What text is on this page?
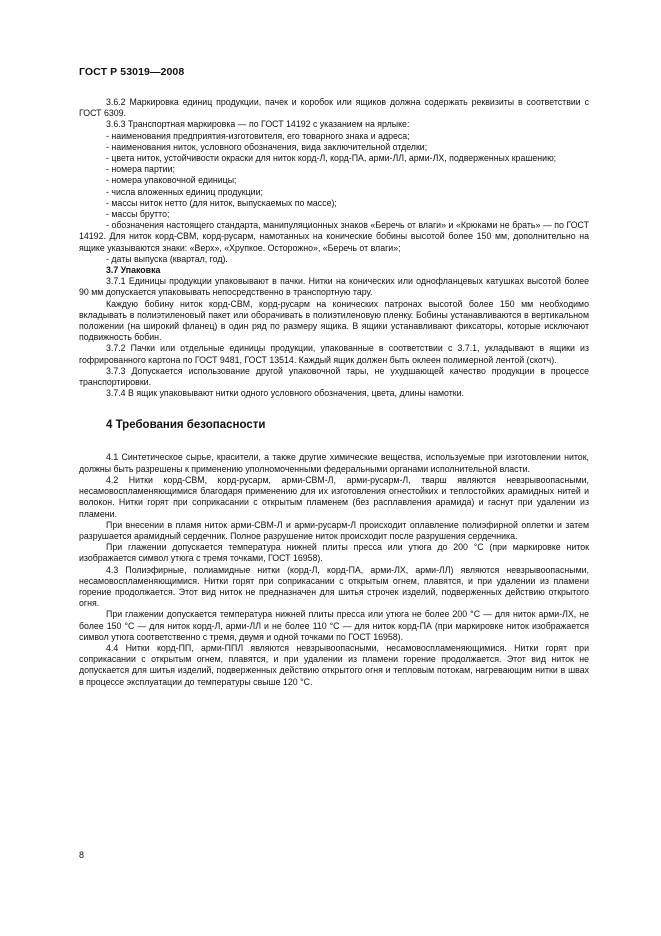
ГОСТ Р 53019—2008

3.6.2 Маркировка единиц продукции, пачек и коробок или ящиков должна содержать реквизиты в соответствии с ГОСТ 6309.

3.6.3 Транспортная маркировка — по ГОСТ 14192 с указанием на ярлыке:

- наименования предприятия-изготовителя, его товарного знака и адреса;

- наименования ниток, условного обозначения, вида заключительной отделки;

- цвета ниток, устойчивости окраски для ниток корд-Л, корд-ПА, арми-ЛЛ, арми-ЛХ, подверженных крашению;

- номера партии;

- номера упаковочной единицы;

- числа вложенных единиц продукции;

- массы ниток нетто (для ниток, выпускаемых по массе);

- массы брутто;

- обозначения настоящего стандарта, манипуляционных знаков «Беречь от влаги» и «Крюками не брать» — по ГОСТ 14192. Для ниток корд-СВМ, корд-русарм, намотанных на конические бобины высотой более 150 мм, дополнительно на ящике указываются знаки: «Верх», «Хрупкое. Осторожно», «Беречь от влаги»;

- даты выпуска (квартал, год).

3.7 Упаковка

3.7.1 Единицы продукции упаковывают в пачки. Нитки на конических или однофланцевых катушках высотой более 90 мм допускается упаковывать непосредственно в транспортную тару.

Каждую бобину ниток корд-СВМ, корд-русарм на конических патронах высотой более 150 мм необходимо вкладывать в полиэтиленовый пакет или оборачивать в полиэтиленовую пленку. Бобины устанавливаются в вертикальном положении (на широкий фланец) в один ряд по размеру ящика. В ящики устанавливают фиксаторы, которые исключают подвижность бобин.

3.7.2 Пачки или отдельные единицы продукции, упакованные в соответствии с 3.7.1, укладывают в ящики из гофрированного картона по ГОСТ 9481, ГОСТ 13514. Каждый ящик должен быть оклеен полимерной лентой (скотч).

3.7.3 Допускается использование другой упаковочной тары, не ухудшающей качество продукции в процессе транспортировки.

3.7.4 В ящик упаковывают нитки одного условного обозначения, цвета, длины намотки.

4 Требования безопасности

4.1 Синтетическое сырье, красители, а также другие химические вещества, используемые при изготовлении ниток, должны быть разрешены к применению уполномоченными федеральными органами исполнительной власти.

4.2 Нитки корд-СВМ, корд-русарм, арми-СВМ-Л, арми-русарм-Л, тварш являются невзрывоопасными, несамовоспламеняющимися благодаря применению для их изготовления огнестойких и теплостойких арамидных нитей и волокон. Нитки горят при соприкасании с открытым пламенем (без расплавления арамида) и гаснут при удалении из пламени.

При внесении в пламя ниток арми-СВМ-Л и арми-русарм-Л происходит оплавление полиэфирной оплетки и затем разрушается арамидный сердечник. Полное разрушение ниток происходит после разрушения сердечника.

При глажении допускается температура нижней плиты пресса или утюга до 200 °С (при маркировке ниток изображается символ утюга с тремя точками, ГОСТ 16958).

4.3 Полиэфирные, полиамидные нитки (корд-Л, корд-ПА, арми-ЛХ, арми-ЛЛ) являются невзрывоопасными, несамовоспламеняющимися. Нитки горят при соприкасании с открытым огнем, плавятся, и при удалении из пламени горение продолжается. Этот вид ниток не предназначен для шитья строчек изделий, подверженных действию открытого огня.

При глажении допускается температура нижней плиты пресса или утюга не более 200 °С — для ниток арми-ЛХ, не более 150 °С — для ниток корд-Л, арми-ЛЛ и не более 110 °С — для ниток корд-ПА (при маркировке ниток изображается символ утюга соответственно с тремя, двумя и одной точками по ГОСТ 16958).

4.4 Нитки корд-ПП, арми-ППЛ являются невзрывоопасными, несамовоспламеняющимися. Нитки горят при соприкасании с открытым огнем, плавятся, и при удалении из пламени горение продолжается. Этот вид ниток не допускается для шитья изделий, подверженных действию открытого огня и тепловым потокам, нагревающим нитки в швах в процессе эксплуатации до температуры свыше 120 °С.

8
